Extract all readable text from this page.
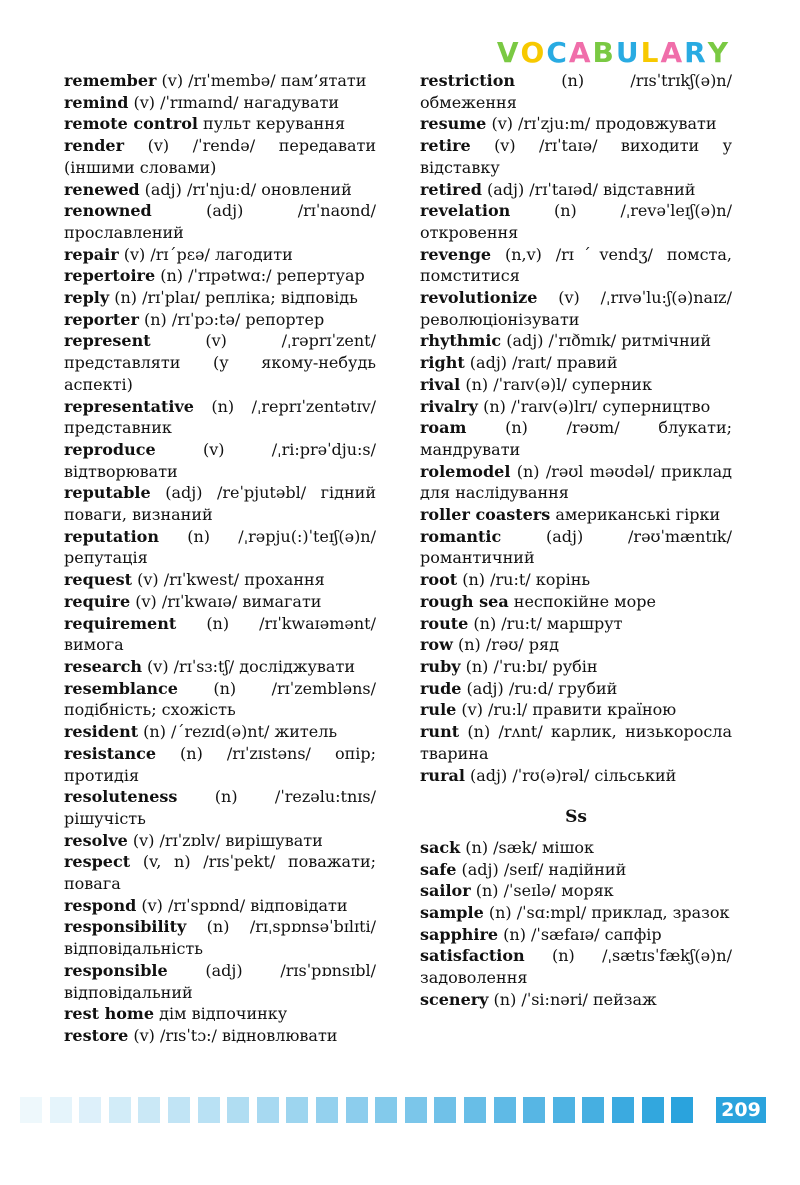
VOCABULARY
remember (v) /rɪˈmembə/ пам’ятати
remind (v) /ˈrɪmaɪnd/ нагадувати
remote control пульт керування
render (v) /ˈrendə/ передавати (іншими словами)
renewed (adj) /rɪˈnju:d/ оновлений
renowned (adj) /rɪˈnaʊnd/ прославлений
repair (v) /rɪˊpɛə/ лагодити
repertoire (n) /ˈrɪpətwɑ:/ репертуар
reply (n) /rɪˈplaɪ/ репліка; відповідь
reporter (n) /rɪˈpɔ:tə/ репортер
represent (v) /ˌrəprɪˈzent/ представляти (у якому-небудь аспекті)
representative (n) /ˌreprɪˈzentətɪv/ представник
reproduce (v) /ˌri:prəˈdju:s/ відтворювати
reputable (adj) /reˈpjutəbl/ гідний поваги, визнаний
reputation (n) /ˌrəpju(:)ˈteɪʃ(ə)n/ репутація
request (v) /rɪˈkwest/ прохання
require (v) /rɪˈkwaɪə/ вимагати
requirement (n) /rɪˈkwaɪəmənt/ вимога
research (v) /rɪˈsɜ:tʃ/ досліджувати
resemblance (n) /rɪˈzembləns/ подібність; схожість
resident (n) /ˊrezɪd(ə)nt/ житель
resistance (n) /rɪˈzɪstəns/ опір; протидія
resoluteness (n) /ˈrezəlu:tnɪs/ рішучість
resolve (v) /rɪˈzɒlv/ вирішувати
respect (v, n) /rɪsˈpekt/ поважати; повага
respond (v) /rɪˈspɒnd/ відповідати
responsibility (n) /rɪˌspɒnsəˈbɪlɪti/ відповідальність
responsible (adj) /rɪsˈpɒnsɪbl/ відповідальний
rest home дім відпочинку
restore (v) /rɪsˈtɔ:/ відновлювати
restriction (n) /rɪsˈtrɪkʃ(ə)n/ обмеження
resume (v) /rɪˈzju:m/ продовжувати
retire (v) /rɪˈtaɪə/ виходити у відставку
retired (adj) /rɪˈtaɪəd/ відставний
revelation (n) /ˌrevəˈleɪʃ(ə)n/ откровення
revenge (n,v) /rɪˊvendʒ/ помста, помститися
revolutionize (v) /ˌrɪvəˈlu:ʃ(ə)naɪz/ революціонізувати
rhythmic (adj) /ˈrɪðmɪk/ ритмічний
right (adj) /raɪt/ правий
rival (n) /ˈraɪv(ə)l/ суперник
rivalry (n) /ˈraɪv(ə)lrɪ/ суперництво
roam (n) /rəʊm/ блукати; мандрувати
rolemodel (n) /rəʊl məʊdəl/ приклад для наслідування
roller coasters американські гірки
romantic (adj) /rəʊˈmæntɪk/ романтичний
root (n) /ru:t/ корінь
rough sea неспокійне море
route (n) /ru:t/ маршрут
row (n) /rəʊ/ ряд
ruby (n) /ˈru:bɪ/ рубін
rude (adj) /ru:d/ грубий
rule (v) /ru:l/ правити країною
runt (n) /rʌnt/ карлик, низькоросла тварина
rural (adj) /ˈrʊ(ə)rəl/ сільський
Ss
sack (n) /sæk/ мішок
safe (adj) /seɪf/ надійний
sailor (n) /ˈseɪlə/ моряк
sample (n) /ˈsɑ:mpl/ приклад, зразок
sapphire (n) /ˈsæfaɪə/ сапфір
satisfaction (n) /ˌsætɪsˈfækʃ(ə)n/ задоволення
scenery (n) /ˈsi:nəri/ пейзаж
209
